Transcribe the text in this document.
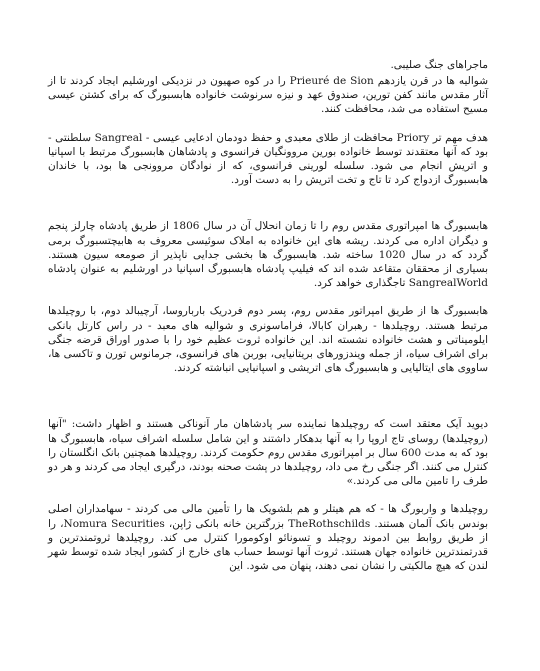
ماجراهای جنگ صلیبی.

شوالیه ها در قرن یازدهم Prieuré de Sion را در کوه صهیون در نزدیکی اورشلیم ایجاد کردند تا از آثار مقدس مانند کفن تورین، صندوق عهد و نیزه سرنوشت خانواده هابسبورگ که برای کشتن عیسی مسیح استفاده می شد، محافظت کنند.

هدف مهم تر Priory محافظت از طلای معبدی و حفظ دودمان ادعایی عیسی - Sangreal سلطنتی - بود که آنها معتقدند توسط خانواده بورین مروونگیان فرانسوی و پادشاهان هابسبورگ مرتبط با اسپانیا و اتریش انجام می شود. سلسله لورینی فرانسوی، که از نوادگان مروونجی ها بود، با خاندان هابسبورگ ازدواج کرد تا تاج و تخت اتریش را به دست آورد.

هابسبورگ ها امپراتوری مقدس روم را تا زمان انحلال آن در سال 1806 از طریق پادشاه چارلز پنجم و دیگران اداره می کردند. ریشه های این خانواده به املاک سوئیسی معروف به هابیچتسبورگ برمی گردد که در سال 1020 ساخته شد. هابسبورگ ها بخشی جدایی ناپذیر از صومعه سیون هستند. بسیاری از محققان متقاعد شده اند که فیلیپ پادشاه هابسبورگ اسپانیا در اورشلیم به عنوان پادشاه SangrealWorld تاجگذاری خواهد کرد.

هابسبورگ ها از طریق امپراتور مقدس روم، پسر دوم فردریک بارباروسا، آرچیبالد دوم، با روچیلدها مرتبط هستند. روچیلدها - رهبران کابالا، فراماسونری و شوالیه های معبد - در راس کارتل بانکی ایلومیناتی و هشت خانواده نشسته اند. این خانواده ثروت عظیم خود را با صدور اوراق قرضه جنگی برای اشراف سیاه، از جمله ویندزورهای بریتانیایی، بوربن های فرانسوی، جرمانوس تورن و تاکسی ها، ساووی های ایتالیایی و هابسبورگ های اتریشی و اسپانیایی انباشته کردند.

دیوید آیک معتقد است که روچیلدها نماینده سر پادشاهان مار آنوناکی هستند و اظهار داشت: "آنها (روچیلدها) روسای تاج اروپا را به آنها بدهکار داشتند و این شامل سلسله اشراف سیاه، هابسبورگ ها بود که به مدت 600 سال بر امپراتوری مقدس روم حکومت کردند. روچیلدها همچنین بانک انگلستان را کنترل می کنند. اگر جنگی رخ می داد، روچیلدها در پشت صحنه بودند، درگیری ایجاد می کردند و هر دو طرف را تامین مالی می کردند.»

روچیلدها و واربورگ ها - که هم هیتلر و هم بلشویک ها را تأمین مالی می کردند - سهامداران اصلی بوندس بانک آلمان هستند. TheRothschilds بزرگترین خانه بانکی ژاپن، Nomura Securities، را از طریق روابط بین ادموند روچیلد و تسونائو اوکومورا کنترل می کند. روچیلدها ثروتمندترین و قدرتمندترین خانواده جهان هستند. ثروت آنها توسط حساب های خارج از کشور ایجاد شده توسط شهر لندن که هیچ مالکیتی را نشان نمی دهند، پنهان می شود. این
